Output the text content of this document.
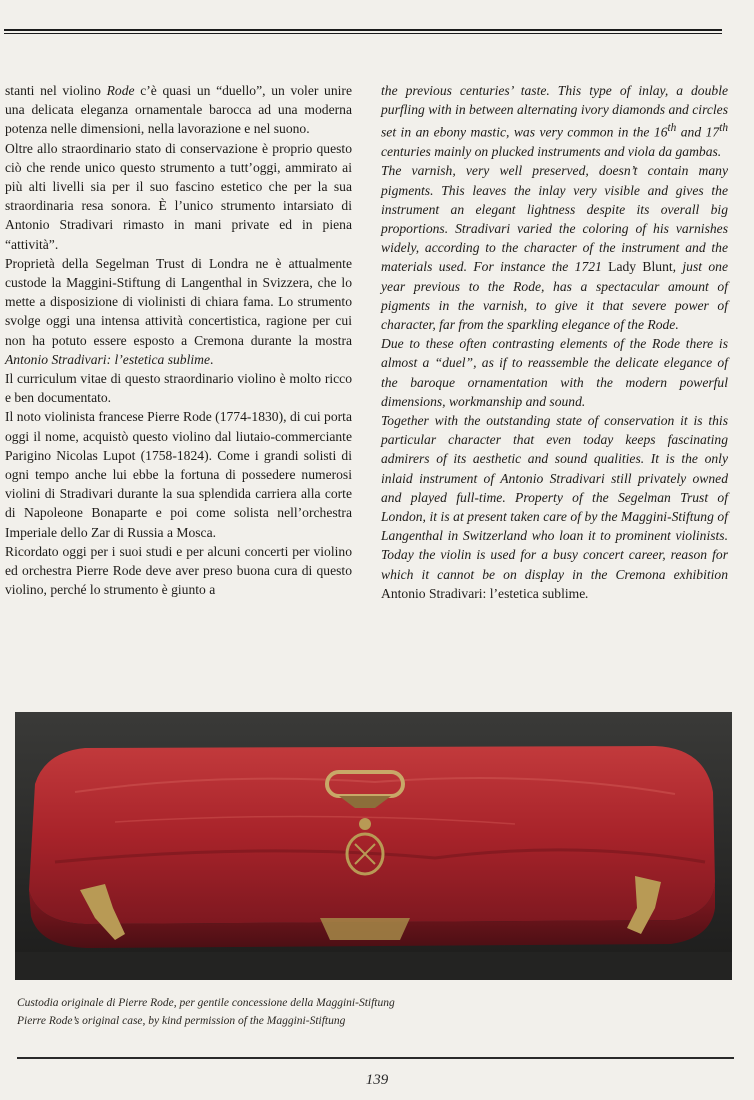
stanti nel violino Rode c’è quasi un “duello”, un voler unire una delicata eleganza ornamentale barocca ad una moderna potenza nelle dimensioni, nella lavorazione e nel suono.

Oltre allo straordinario stato di conservazione è proprio questo ciò che rende unico questo strumento a tutt’oggi, ammirato ai più alti livelli sia per il suo fascino estetico che per la sua straordinaria resa sonora. È l’unico strumento intarsiato di Antonio Stradivari rimasto in mani private ed in piena “attività”.

Proprietà della Segelman Trust di Londra ne è attualmente custode la Maggini-Stiftung di Langenthal in Svizzera, che lo mette a disposizione di violinisti di chiara fama. Lo strumento svolge oggi una intensa attività concertistica, ragione per cui non ha potuto essere esposto a Cremona durante la mostra Antonio Stradivari: l’estetica sublime.

Il curriculum vitae di questo straordinario violino è molto ricco e ben documentato.

Il noto violinista francese Pierre Rode (1774-1830), di cui porta oggi il nome, acquistò questo violino dal liutaio-commerciante Parigino Nicolas Lupot (1758-1824). Come i grandi solisti di ogni tempo anche lui ebbe la fortuna di possedere numerosi violini di Stradivari durante la sua splendida carriera alla corte di Napoleone Bonaparte e poi come solista nell’orchestra Imperiale dello Zar di Russia a Mosca.

Ricordato oggi per i suoi studi e per alcuni concerti per violino ed orchestra Pierre Rode deve aver preso buona cura di questo violino, perché lo strumento è giunto a

the previous centuries’ taste. This type of inlay, a double purfling with in between alternating ivory diamonds and circles set in an ebony mastic, was very common in the 16th and 17th centuries mainly on plucked instruments and viola da gambas.

The varnish, very well preserved, doesn’t contain many pigments. This leaves the inlay very visible and gives the instrument an elegant lightness despite its overall big proportions. Stradivari varied the coloring of his varnishes widely, according to the character of the instrument and the materials used. For instance the 1721 Lady Blunt, just one year previous to the Rode, has a spectacular amount of pigments in the varnish, to give it that severe power of character, far from the sparkling elegance of the Rode.

Due to these often contrasting elements of the Rode there is almost a “duel”, as if to reassemble the delicate elegance of the baroque ornamentation with the modern powerful dimensions, workmanship and sound.

Together with the outstanding state of conservation it is this particular character that even today keeps fascinating admirers of its aesthetic and sound qualities. It is the only inlaid instrument of Antonio Stradivari still privately owned and played full-time. Property of the Segelman Trust of London, it is at present taken care of by the Maggini-Stiftung of Langenthal in Switzerland who loan it to prominent violinists. Today the violin is used for a busy concert career, reason for which it cannot be on display in the Cremona exhibition Antonio Stradivari: l’estetica sublime.

Custodia originale di Pierre Rode, per gentile concessione della Maggini-Stiftung
Pierre Rode’s original case, by kind permission of the Maggini-Stiftung
139
